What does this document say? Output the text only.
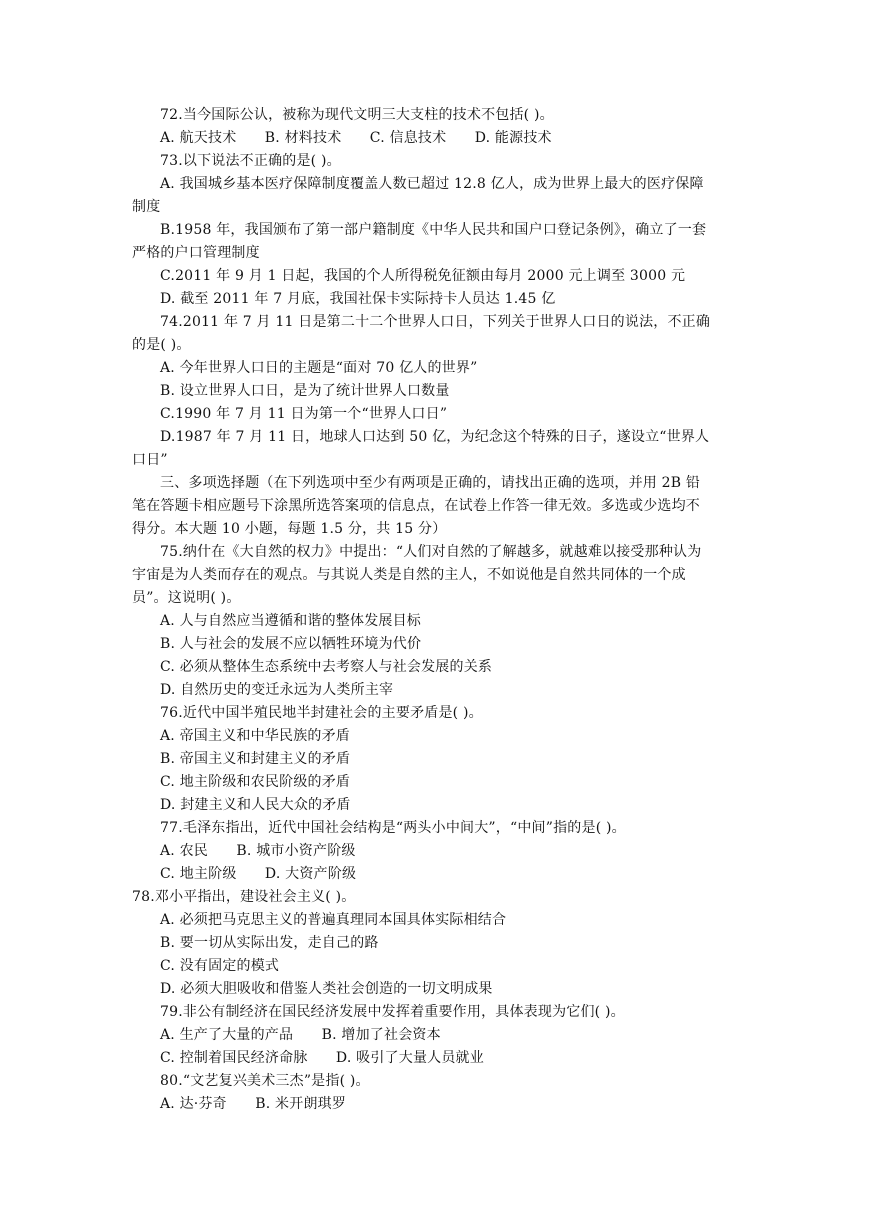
72.当今国际公认，被称为现代文明三大支柱的技术不包括( )。
A. 航天技术　　B. 材料技术　　C. 信息技术　　D. 能源技术
73.以下说法不正确的是( )。
A. 我国城乡基本医疗保障制度覆盖人数已超过 12.8 亿人，成为世界上最大的医疗保障
制度
B.1958 年，我国颁布了第一部户籍制度《中华人民共和国户口登记条例》，确立了一套
严格的户口管理制度
C.2011 年 9 月 1 日起，我国的个人所得税免征额由每月 2000 元上调至 3000 元
D. 截至 2011 年 7 月底，我国社保卡实际持卡人员达 1.45 亿
74.2011 年 7 月 11 日是第二十二个世界人口日，下列关于世界人口日的说法，不正确
的是( )。
A. 今年世界人口日的主题是“面对 70 亿人的世界”
B. 设立世界人口日，是为了统计世界人口数量
C.1990 年 7 月 11 日为第一个“世界人口日”
D.1987 年 7 月 11 日，地球人口达到 50 亿，为纪念这个特殊的日子，遂设立“世界人
口日”
三、多项选择题（在下列选项中至少有两项是正确的，请找出正确的选项，并用 2B 铅
笔在答题卡相应题号下涂黑所选答案项的信息点，在试卷上作答一律无效。多选或少选均不
得分。本大题 10 小题，每题 1.5 分，共 15 分）
75.纳什在《大自然的权力》中提出：“人们对自然的了解越多，就越难以接受那种认为
宇宙是为人类而存在的观点。与其说人类是自然的主人，不如说他是自然共同体的一个成
员”。这说明( )。
A. 人与自然应当遵循和谐的整体发展目标
B. 人与社会的发展不应以牺牲环境为代价
C. 必须从整体生态系统中去考察人与社会发展的关系
D. 自然历史的变迁永远为人类所主宰
76.近代中国半殖民地半封建社会的主要矛盾是( )。
A. 帝国主义和中华民族的矛盾
B. 帝国主义和封建主义的矛盾
C. 地主阶级和农民阶级的矛盾
D. 封建主义和人民大众的矛盾
77.毛泽东指出，近代中国社会结构是“两头小中间大”，“中间”指的是( )。
A. 农民　　B. 城市小资产阶级
C. 地主阶级　　D. 大资产阶级
78.邓小平指出，建设社会主义( )。
A. 必须把马克思主义的普遍真理同本国具体实际相结合
B. 要一切从实际出发，走自己的路
C. 没有固定的模式
D. 必须大胆吸收和借鉴人类社会创造的一切文明成果
79.非公有制经济在国民经济发展中发挥着重要作用，具体表现为它们( )。
A. 生产了大量的产品　　B. 增加了社会资本
C. 控制着国民经济命脉　　D. 吸引了大量人员就业
80.“文艺复兴美术三杰”是指( )。
A. 达·芬奇　　B. 米开朗琪罗
